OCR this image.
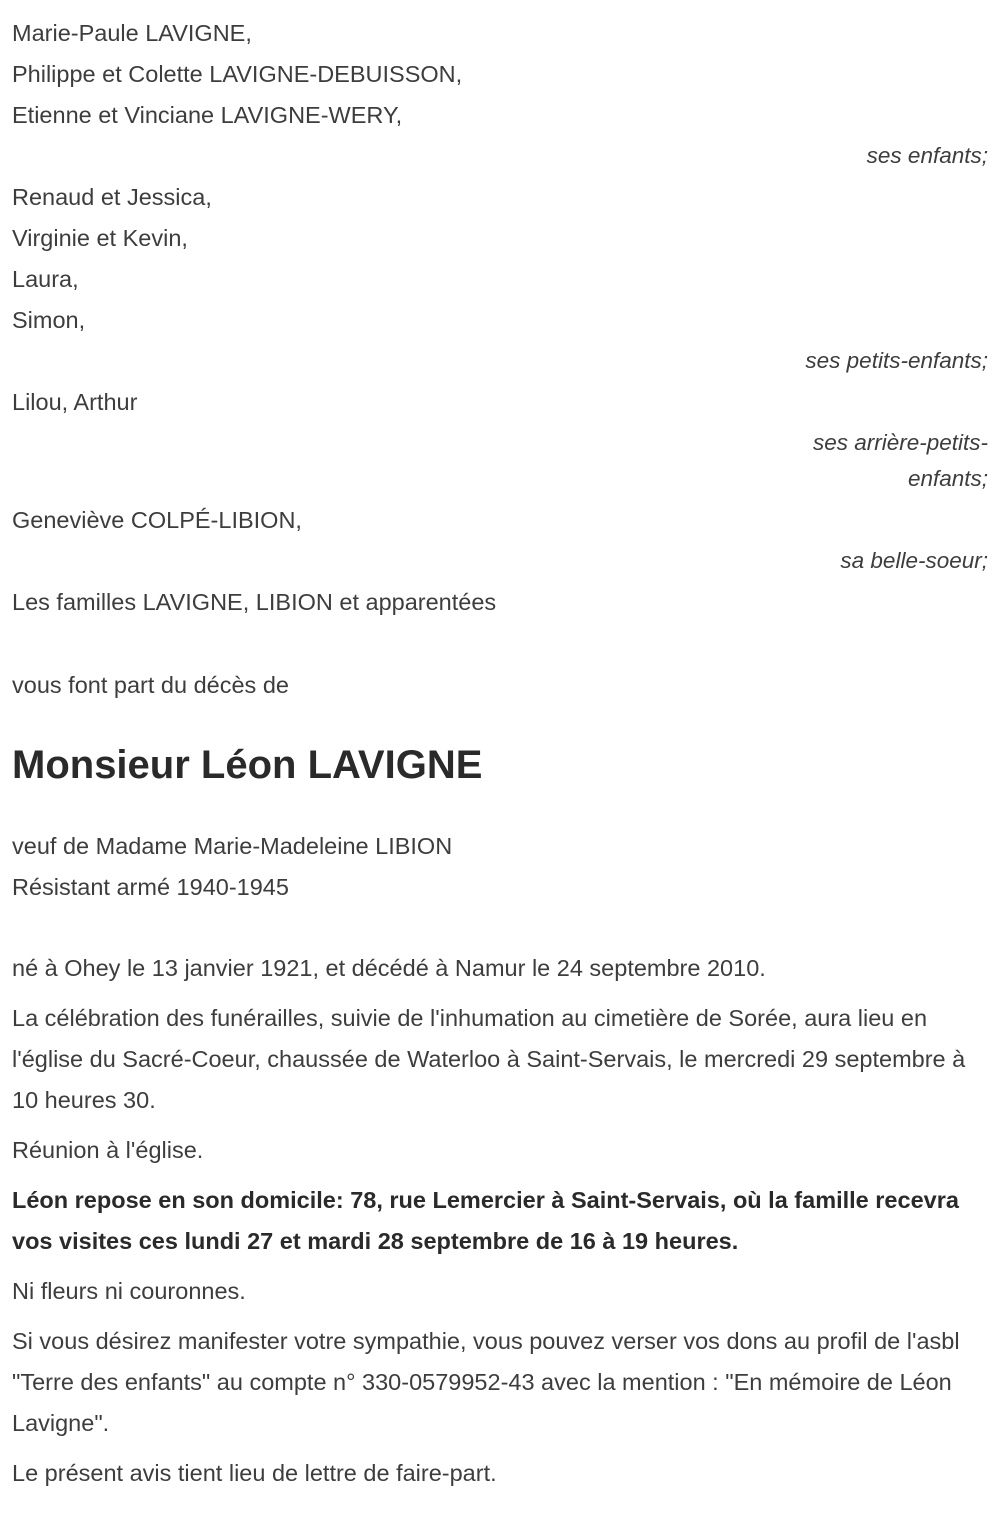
Marie-Paule LAVIGNE,

Philippe et Colette LAVIGNE-DEBUISSON,

Etienne et Vinciane LAVIGNE-WERY,

ses enfants;

Renaud et Jessica,

Virginie et Kevin,

Laura,

Simon,

ses petits-enfants;

Lilou, Arthur

ses arrière-petits-enfants;

Geneviève COLPÉ-LIBION,

sa belle-soeur;

Les familles LAVIGNE, LIBION et apparentées

vous font part du décès de

Monsieur Léon LAVIGNE

veuf de Madame Marie-Madeleine LIBION

Résistant armé 1940-1945

né à Ohey le 13 janvier 1921, et décédé à Namur le 24 septembre 2010.

La célébration des funérailles, suivie de l'inhumation au cimetière de Sorée, aura lieu en l'église du Sacré-Coeur, chaussée de Waterloo à Saint-Servais, le mercredi 29 septembre à 10 heures 30.

Réunion à l'église.

Léon repose en son domicile: 78, rue Lemercier à Saint-Servais, où la famille recevra vos visites ces lundi 27 et mardi 28 septembre de 16 à 19 heures.

Ni fleurs ni couronnes.

Si vous désirez manifester votre sympathie, vous pouvez verser vos dons au profil de l'asbl "Terre des enfants" au compte n° 330-0579952-43 avec la mention : "En mémoire de Léon Lavigne".

Le présent avis tient lieu de lettre de faire-part.
